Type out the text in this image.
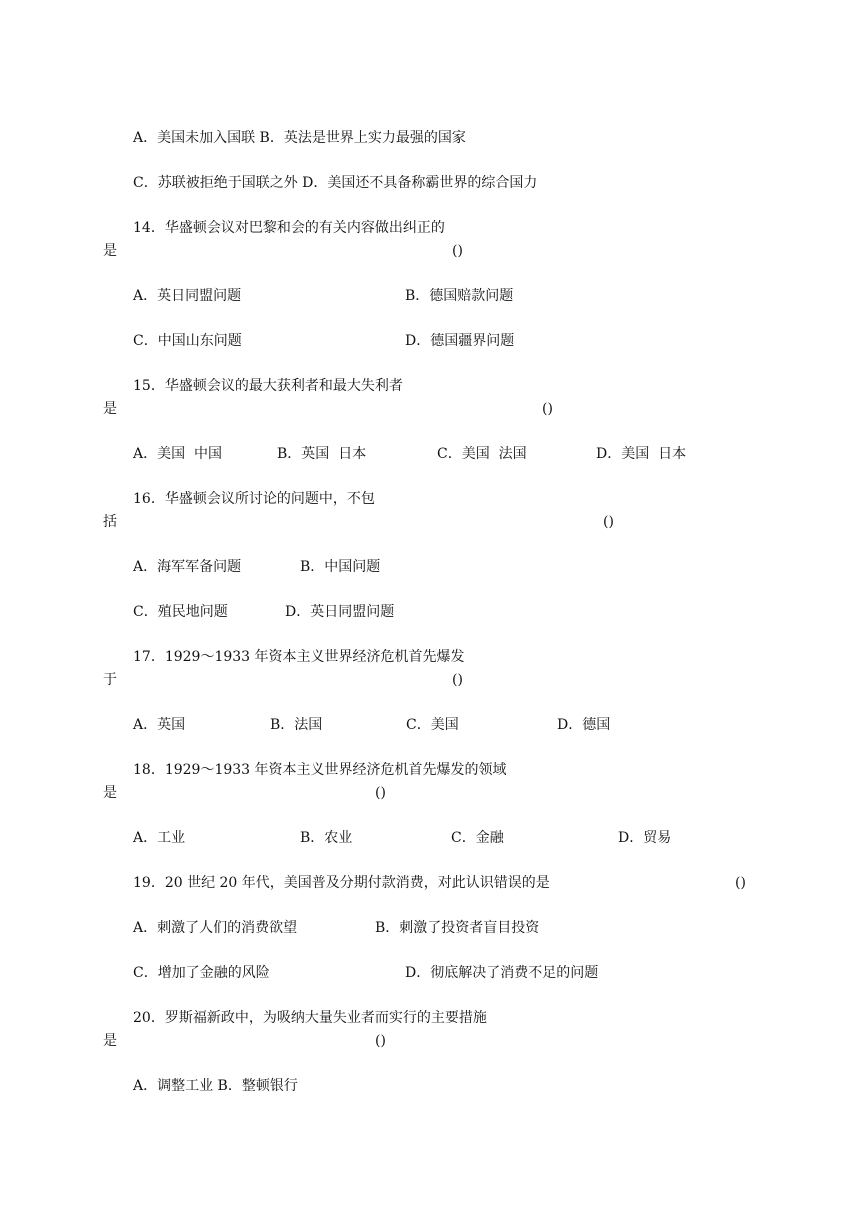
A．美国未加入国联 B．英法是世界上实力最强的国家
C．苏联被拒绝于国联之外 D．美国还不具备称霸世界的综合国力
14．华盛顿会议对巴黎和会的有关内容做出纠正的
是	()
A．英日同盟问题	B．德国赔款问题
C．中国山东问题	D．德国疆界问题
15．华盛顿会议的最大获利者和最大失利者
是	()
A．美国  中国	B．英国  日本	C．美国  法国	D．美国  日本
16．华盛顿会议所讨论的问题中，不包
括	()
A．海军军备问题	B．中国问题
C．殖民地问题	D．英日同盟问题
17．1929～1933 年资本主义世界经济危机首先爆发
于	()
A．英国	B．法国	C．美国	D．德国
18．1929～1933 年资本主义世界经济危机首先爆发的领域
是	()
A．工业	B．农业	C．金融	D．贸易
19．20 世纪 20 年代，美国普及分期付款消费，对此认识错误的是	()
A．刺激了人们的消费欲望	B．刺激了投资者盲目投资
C．增加了金融的风险	D．彻底解决了消费不足的问题
20．罗斯福新政中，为吸纳大量失业者而实行的主要措施
是	()
A．调整工业 B．整顿银行
